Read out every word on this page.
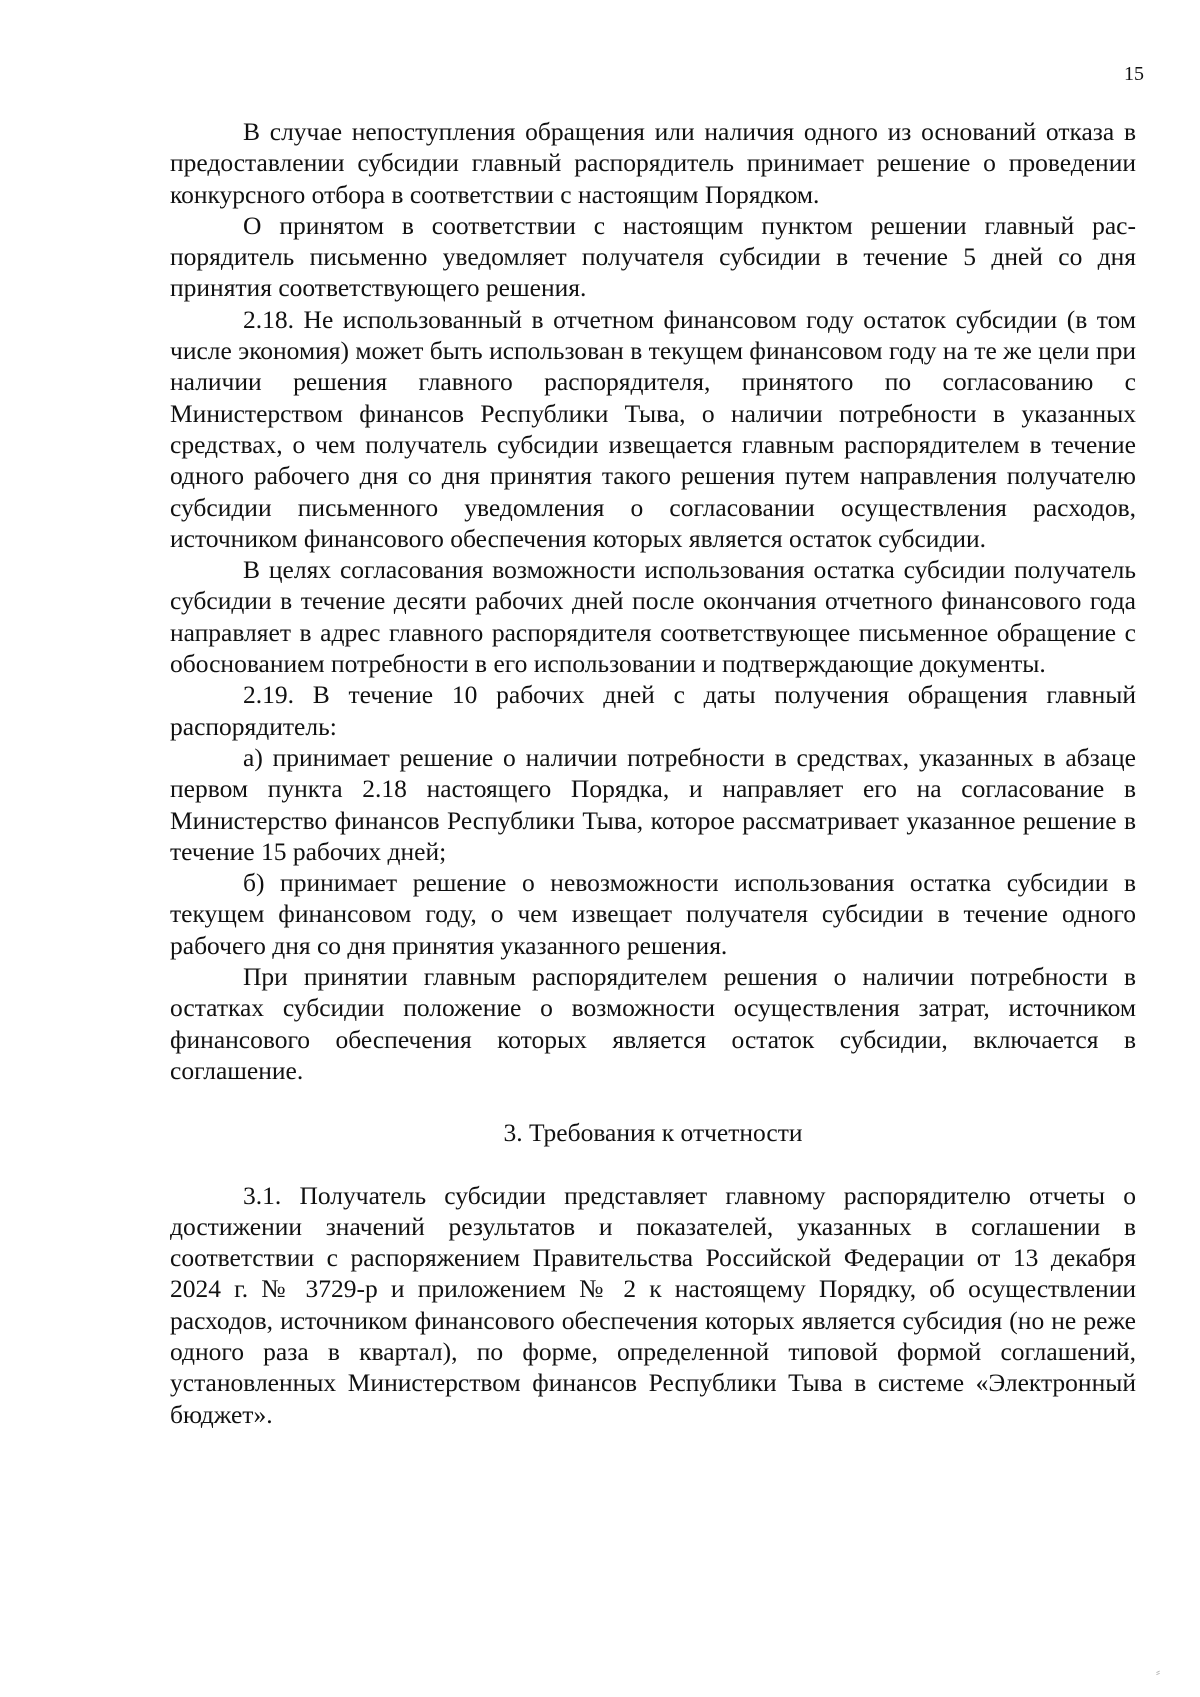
15

В случае непоступления обращения или наличия одного из оснований отказа в предоставлении субсидии главный распорядитель принимает решение о проведении конкурсного отбора в соответствии с настоящим Порядком.

О принятом в соответствии с настоящим пунктом решении главный распорядитель письменно уведомляет получателя субсидии в течение 5 дней со дня принятия соответствующего решения.

2.18. Не использованный в отчетном финансовом году остаток субсидии (в том числе экономия) может быть использован в текущем финансовом году на те же цели при наличии решения главного распорядителя, принятого по согласованию с Министерством финансов Республики Тыва, о наличии потребности в указанных средствах, о чем получатель субсидии извещается главным распорядителем в течение одного рабочего дня со дня принятия такого решения путем направления получателю субсидии письменного уведомления о согласовании осуществления расходов, источником финансового обеспечения которых является остаток субсидии.

В целях согласования возможности использования остатка субсидии получатель субсидии в течение десяти рабочих дней после окончания отчетного финансового года направляет в адрес главного распорядителя соответствующее письменное обращение с обоснованием потребности в его использовании и подтверждающие документы.

2.19. В течение 10 рабочих дней с даты получения обращения главный распорядитель:

а) принимает решение о наличии потребности в средствах, указанных в абзаце первом пункта 2.18 настоящего Порядка, и направляет его на согласование в Министерство финансов Республики Тыва, которое рассматривает указанное решение в течение 15 рабочих дней;

б) принимает решение о невозможности использования остатка субсидии в текущем финансовом году, о чем извещает получателя субсидии в течение одного рабочего дня со дня принятия указанного решения.

При принятии главным распорядителем решения о наличии потребности в остатках субсидии положение о возможности осуществления затрат, источником финансового обеспечения которых является остаток субсидии, включается в соглашение.

3. Требования к отчетности

3.1. Получатель субсидии представляет главному распорядителю отчеты о достижении значений результатов и показателей, указанных в соглашении в соответствии с распоряжением Правительства Российской Федерации от 13 декабря 2024 г. № 3729-р и приложением № 2 к настоящему Порядку, об осуществлении расходов, источником финансового обеспечения которых является субсидия (но не реже одного раза в квартал), по форме, определенной типовой формой соглашений, установленных Министерством финансов Республики Тыва в системе «Электронный бюджет».

⸗
